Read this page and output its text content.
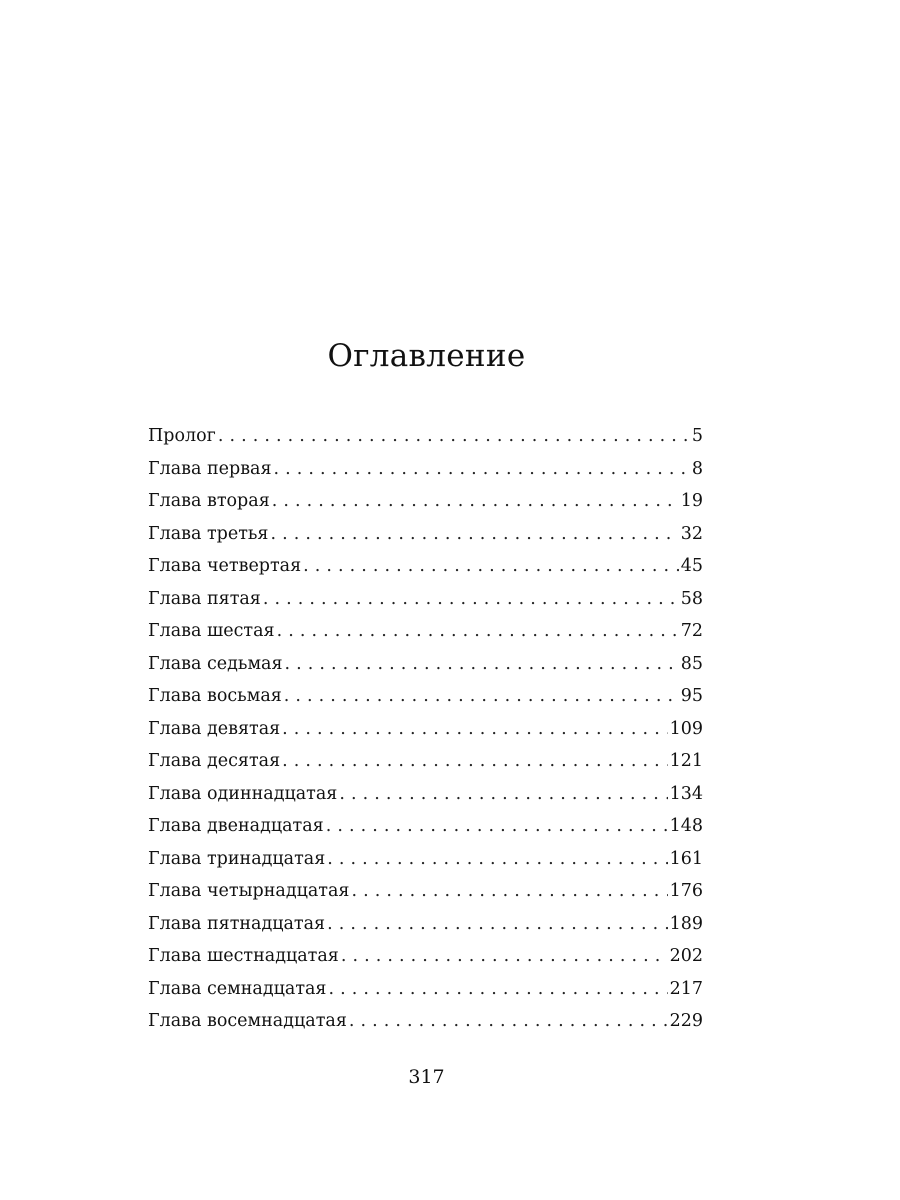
Оглавление
Пролог . . .	5
Глава первая . . .	8
Глава вторая . . .	19
Глава третья . . .	32
Глава четвертая . . .	45
Глава пятая . . .	58
Глава шестая . . .	72
Глава седьмая . . .	85
Глава восьмая . . .	95
Глава девятая . . .	109
Глава десятая . . .	121
Глава одиннадцатая . . .	134
Глава двенадцатая . . .	148
Глава тринадцатая . . .	161
Глава четырнадцатая . . .	176
Глава пятнадцатая . . .	189
Глава шестнадцатая . . .	202
Глава семнадцатая . . .	217
Глава восемнадцатая . . .	229
317
